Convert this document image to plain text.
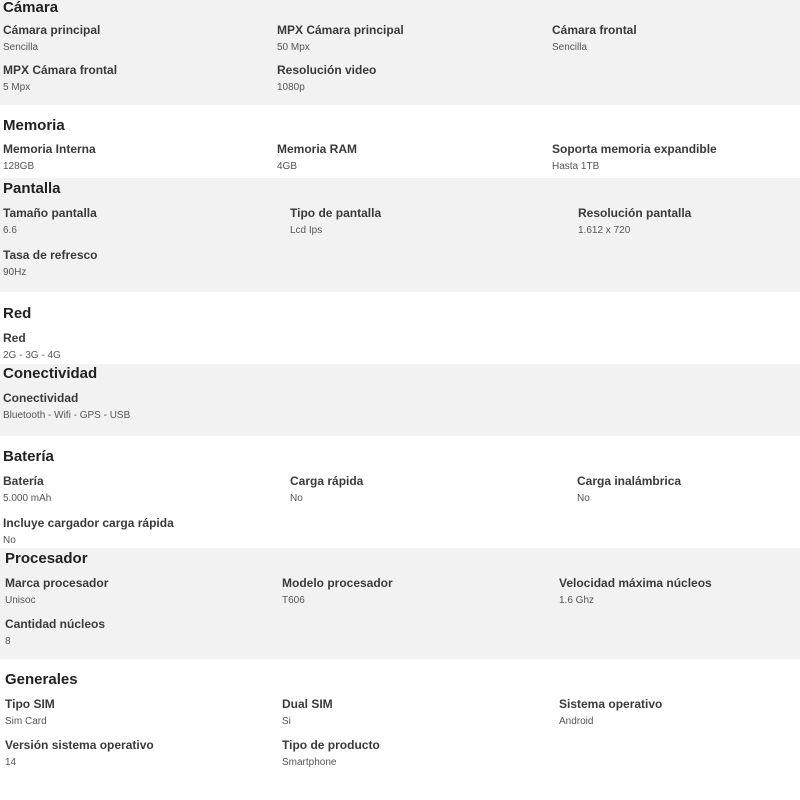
Cámara
Cámara principal
Sencilla
MPX Cámara principal
50 Mpx
Cámara frontal
Sencilla
MPX Cámara frontal
5 Mpx
Resolución video
1080p
Memoria
Memoria Interna
128GB
Memoria RAM
4GB
Soporta memoria expandible
Hasta 1TB
Pantalla
Tamaño pantalla
6.6
Tipo de pantalla
Lcd Ips
Resolución pantalla
1.612 x 720
Tasa de refresco
90Hz
Red
Red
2G - 3G - 4G
Conectividad
Conectividad
Bluetooth - Wifi - GPS - USB
Batería
Batería
5.000 mAh
Carga rápida
No
Carga inalámbrica
No
Incluye cargador carga rápida
No
Procesador
Marca procesador
Unisoc
Modelo procesador
T606
Velocidad máxima núcleos
1.6 Ghz
Cantidad núcleos
8
Generales
Tipo SIM
Sim Card
Dual SIM
Si
Sistema operativo
Android
Versión sistema operativo
14
Tipo de producto
Smartphone
